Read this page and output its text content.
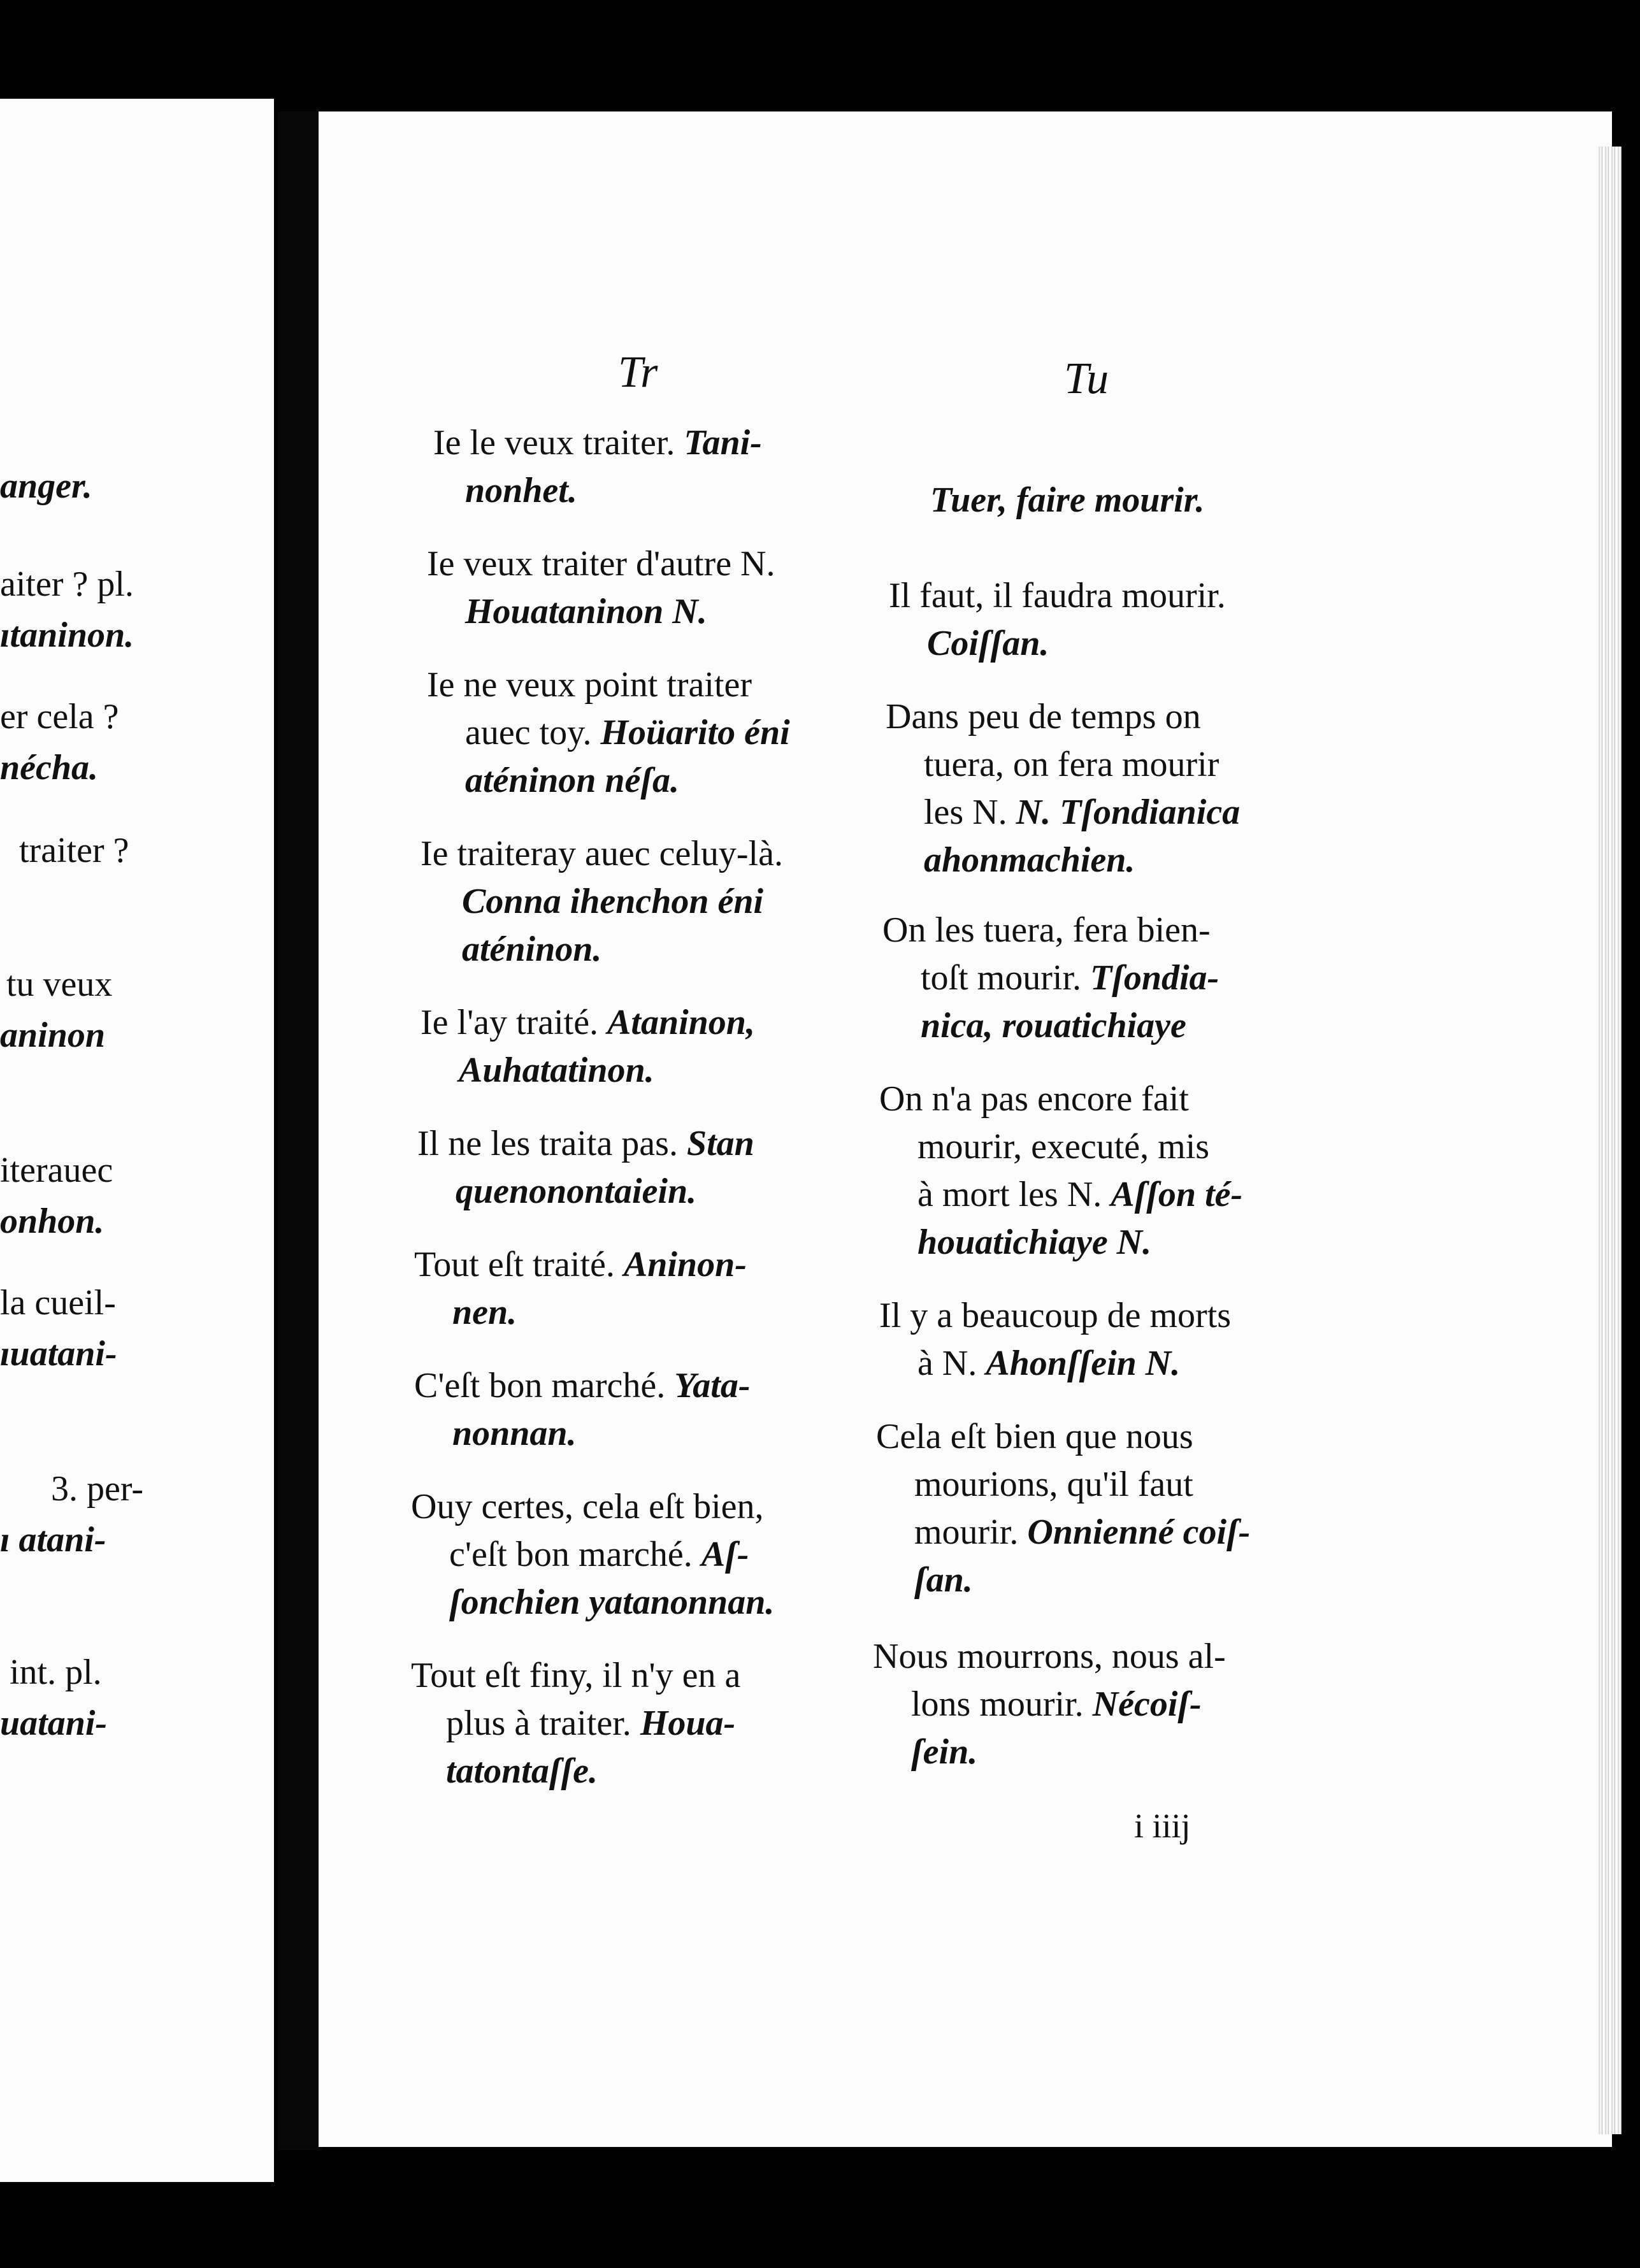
anger.
aiter ? pl.
ıtaninon.
er cela ?
nécha.
traiter ?
tu veux
aninon
iterauec
onhon.
la cueil-
ıuatani-
3. per-
ı atani-
int. pl.
uatani-
Tr	Tu
Ie le veux traiter. Tani-
nonhet.
Ie veux traiter d'autre N.
Houataninon N.
Ie ne veux point traiter
auec toy. Hoüarito éni
aténinon néſa.
Ie traiteray auec celuy-là.
Conna ihenchon éni
aténinon.
Ie l'ay traité. Ataninon,
Auhatatinon.
Il ne les traita pas. Stan
quenonontaiein.
Tout eſt traité. Aninon-
nen.
C'eſt bon marché. Yata-
nonnan.
Ouy certes, cela eſt bien,
c'eſt bon marché. Aſ-
ſonchien yatanonnan.
Tout eſt finy, il n'y en a
plus à traiter. Houa-
tatontaſſe.
Tuer, faire mourir.
Il faut, il faudra mourir.
Coiſſan.
Dans peu de temps on
tuera, on fera mourir
les N. N. Tſondianica
ahonmachien.
On les tuera, fera bien-
toſt mourir. Tſondia-
nica, rouatichiaye
On n'a pas encore fait
mourir, executé, mis
à mort les N. Aſſon té-
houatichiaye N.
Il y a beaucoup de morts
à N. Ahonſſein N.
Cela eſt bien que nous
mourions, qu'il faut
mourir. Onnienné coiſ-
ſan.
Nous mourrons, nous al-
lons mourir. Nécoiſ-
ſein.
i iiij
